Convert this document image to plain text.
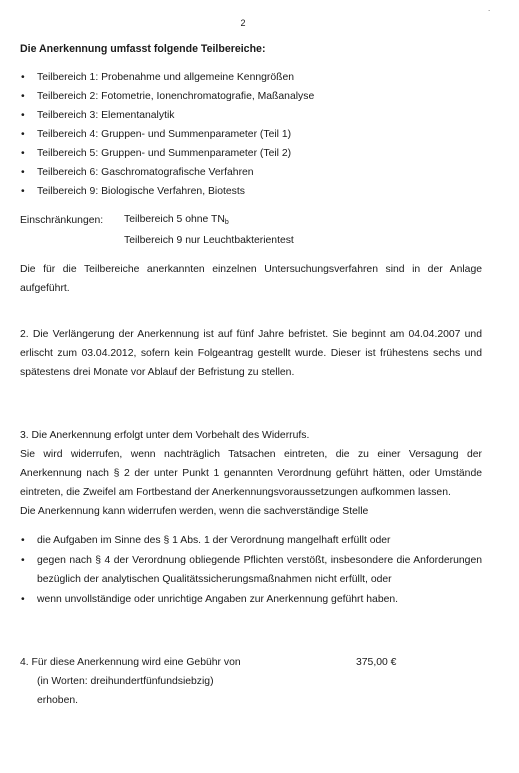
2
.
Die Anerkennung umfasst folgende Teilbereiche:
• Teilbereich 1: Probenahme und allgemeine Kenngrößen
• Teilbereich 2: Fotometrie, Ionenchromatografie, Maßanalyse
• Teilbereich 3: Elementanalytik
• Teilbereich 4: Gruppen- und Summenparameter (Teil 1)
• Teilbereich 5: Gruppen- und Summenparameter (Teil 2)
• Teilbereich 6: Gaschromatografische Verfahren
• Teilbereich 9: Biologische Verfahren, Biotests
Einschränkungen:	Teilbereich 5 ohne $TN_b$
Teilbereich 9 nur Leuchtbakterientest

Die für die Teilbereiche anerkannten einzelnen Untersuchungsverfahren sind in der Anlage aufgeführt.

2. Die Verlängerung der Anerkennung ist auf fünf Jahre befristet. Sie beginnt am 04.04.2007 und erlischt zum 03.04.2012, sofern kein Folgeantrag gestellt wurde. Dieser ist frühestens sechs und spätestens drei Monate vor Ablauf der Befristung zu stellen.

3. Die Anerkennung erfolgt unter dem Vorbehalt des Widerrufs.

Sie wird widerrufen, wenn nachträglich Tatsachen eintreten, die zu einer Versagung der Anerkennung nach § 2 der unter Punkt 1 genannten Verordnung geführt hätten, oder Umstände eintreten, die Zweifel am Fortbestand der Anerkennungsvoraussetzungen aufkommen lassen.

Die Anerkennung kann widerrufen werden, wenn die sachverständige Stelle

• die Aufgaben im Sinne des § 1 Abs. 1 der Verordnung mangelhaft erfüllt oder
• gegen nach § 4 der Verordnung obliegende Pflichten verstößt, insbesondere die Anforderungen bezüglich der analytischen Qualitätssicherungsmaßnahmen nicht erfüllt, oder
• wenn unvollständige oder unrichtige Angaben zur Anerkennung geführt haben.
4. Für diese Anerkennung wird eine Gebühr von	375,00 €
(in Worten: dreihundertfünfundsiebzig)
erhoben.
